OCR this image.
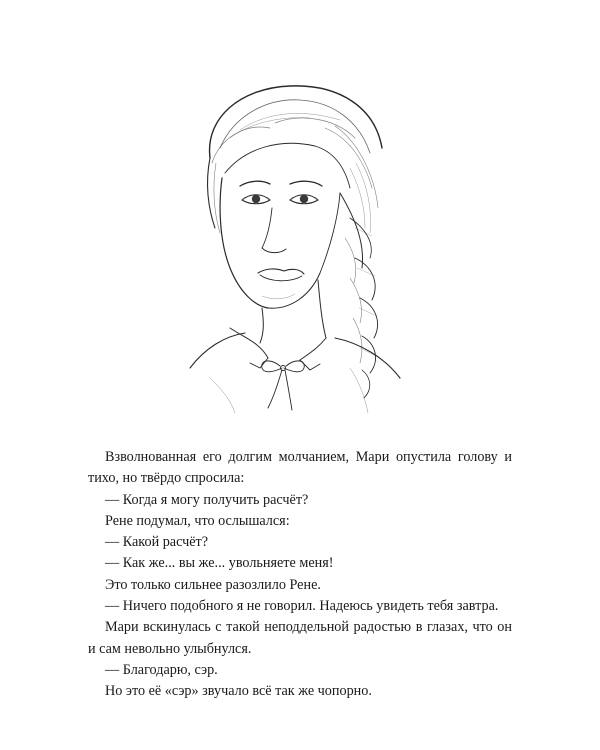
Взволнованная его долгим молчанием, Мари опустила голову и тихо, но твёрдо спросила:

— Когда я могу получить расчёт?

Рене подумал, что ослышался:

— Какой расчёт?

— Как же... вы же... увольняете меня!

Это только сильнее разозлило Рене.

— Ничего подобного я не говорил. Надеюсь увидеть тебя завтра.

Мари вскинулась с такой неподдельной радостью в глазах, что он и сам невольно улыбнулся.

— Благодарю, сэр.

Но это её «сэр» звучало всё так же чопорно.
